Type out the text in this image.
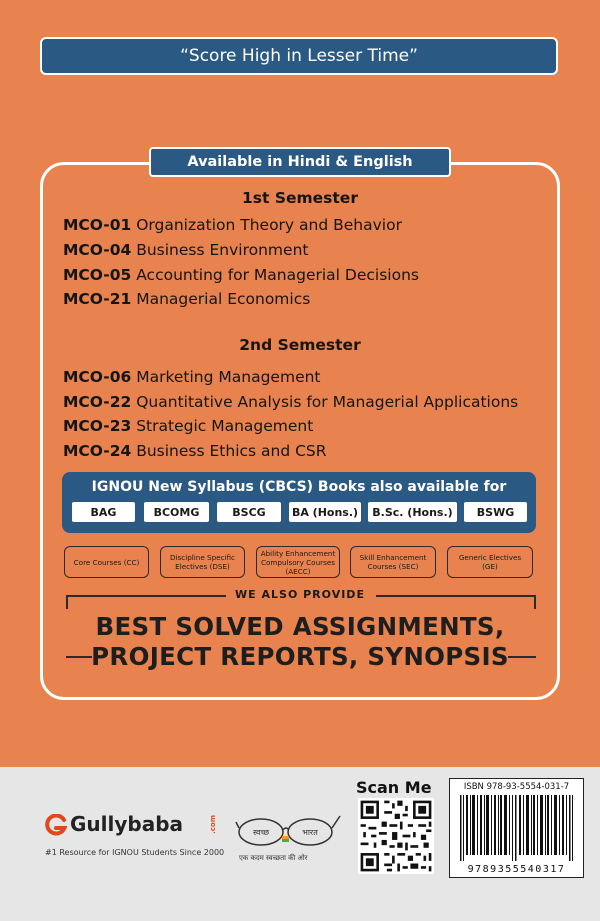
“Score High in Lesser Time”
Available in Hindi & English
1st Semester
MCO-01 Organization Theory and Behavior
MCO-04 Business Environment
MCO-05 Accounting for Managerial Decisions
MCO-21 Managerial Economics
2nd Semester
MCO-06 Marketing Management
MCO-22 Quantitative Analysis for Managerial Applications
MCO-23 Strategic Management
MCO-24 Business Ethics and CSR
IGNOU New Syllabus (CBCS) Books also available for
BAG	BCOMG	BSCG	BA (Hons.)	B.Sc. (Hons.)	BSWG
Core Courses (CC)	Discipline Specific Electives (DSE)
Ability Enhancement Compulsory Courses (AECC)
Skill Enhancement Courses (SEC)
Generic Electives (GE)
WE ALSO PROVIDE
BEST SOLVED ASSIGNMENTS,
PROJECT REPORTS, SYNOPSIS
Gullybaba	.com
#1 Resource for IGNOU Students Since 2000
स्वच्छ	भारत
एक कदम स्वच्छता की ओर
Scan Me	ISBN 978-93-5554-031-7
9789355540317
